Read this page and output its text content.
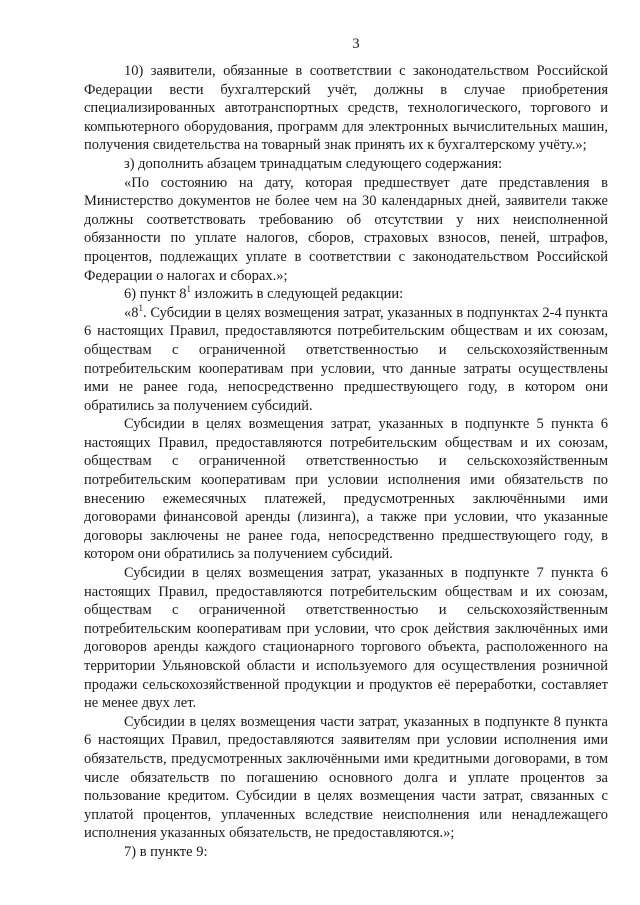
3

10) заявители, обязанные в соответствии с законодательством Российской Федерации вести бухгалтерский учёт, должны в случае приобретения специализированных автотранспортных средств, технологического, торгового и компьютерного оборудования, программ для электронных вычислительных машин, получения свидетельства на товарный знак принять их к бухгалтерскому учёту.»;

з) дополнить абзацем тринадцатым следующего содержания:

«По состоянию на дату, которая предшествует дате представления в Министерство документов не более чем на 30 календарных дней, заявители также должны соответствовать требованию об отсутствии у них неисполненной обязанности по уплате налогов, сборов, страховых взносов, пеней, штрафов, процентов, подлежащих уплате в соответствии с законодательством Российской Федерации о налогах и сборах.»;

6) пункт $8^1$ изложить в следующей редакции:

«$8^1$. Субсидии в целях возмещения затрат, указанных в подпунктах 2-4 пункта 6 настоящих Правил, предоставляются потребительским обществам и их союзам, обществам с ограниченной ответственностью и сельскохозяйственным потребительским кооперативам при условии, что данные затраты осуществлены ими не ранее года, непосредственно предшествующего году, в котором они обратились за получением субсидий.

Субсидии в целях возмещения затрат, указанных в подпункте 5 пункта 6 настоящих Правил, предоставляются потребительским обществам и их союзам, обществам с ограниченной ответственностью и сельскохозяйственным потребительским кооперативам при условии исполнения ими обязательств по внесению ежемесячных платежей, предусмотренных заключёнными ими договорами финансовой аренды (лизинга), а также при условии, что указанные договоры заключены не ранее года, непосредственно предшествующего году, в котором они обратились за получением субсидий.

Субсидии в целях возмещения затрат, указанных в подпункте 7 пункта 6 настоящих Правил, предоставляются потребительским обществам и их союзам, обществам с ограниченной ответственностью и сельскохозяйственным потребительским кооперативам при условии, что срок действия заключённых ими договоров аренды каждого стационарного торгового объекта, расположенного на территории Ульяновской области и используемого для осуществления розничной продажи сельскохозяйственной продукции и продуктов её переработки, составляет не менее двух лет.

Субсидии в целях возмещения части затрат, указанных в подпункте 8 пункта 6 настоящих Правил, предоставляются заявителям при условии исполнения ими обязательств, предусмотренных заключёнными ими кредитными договорами, в том числе обязательств по погашению основного долга и уплате процентов за пользование кредитом. Субсидии в целях возмещения части затрат, связанных с уплатой процентов, уплаченных вследствие неисполнения или ненадлежащего исполнения указанных обязательств, не предоставляются.»;

7) в пункте 9:
